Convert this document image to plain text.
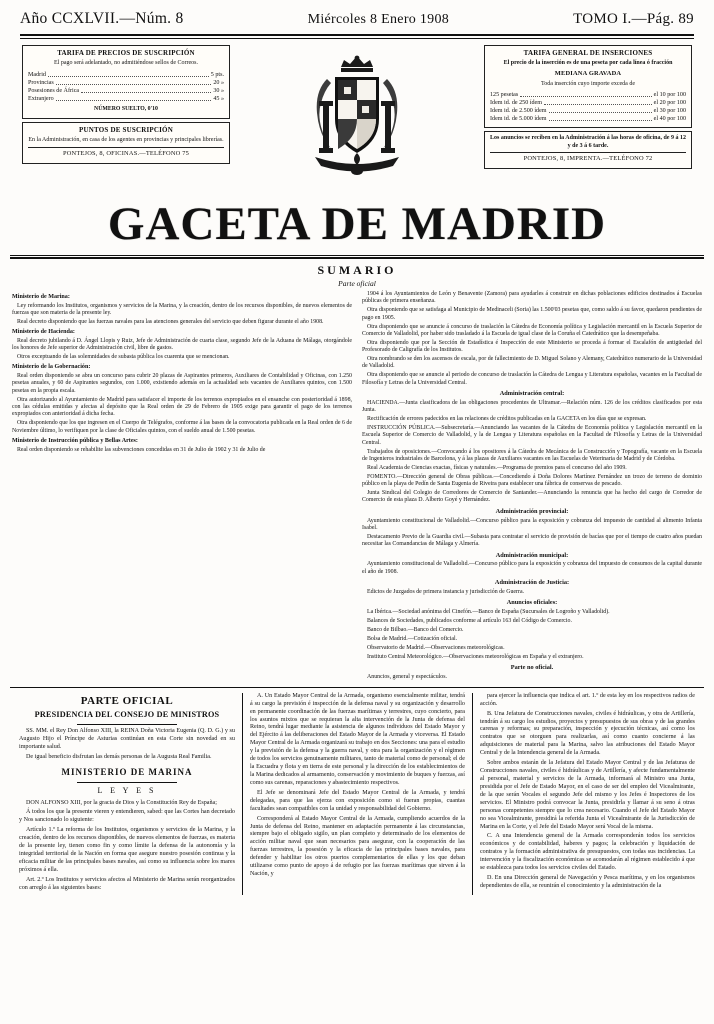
Año CCXLVII.—Núm. 8	Miércoles 8 Enero 1908	TOMO I.—Pág. 89
TARIFA DE PRECIOS DE SUSCRIPCIÓN
El pago será adelantado, no admitiéndose sellos de Correos.
Madrid	5 pts.
Provincias	20 »
Posesiones de África	30 »
Extranjero	45 »
NÚMERO SUELTO, 0'10
PUNTOS DE SUSCRIPCIÓN
En la Administración, en casa de los agentes en provincias y principales librerías.
PONTEJOS, 8, OFICINAS.—TELÉFONO 75
TARIFA GENERAL DE INSERCIONES
El precio de la inserción es de una peseta por cada línea ó fracción
MEDIANA GRAVADA
Toda inserción cuyo importe exceda de
125 pesetas	el 10 por 100
Idem id. de 250 ídem	el 20 por 100
Idem id. de 2.500 ídem	el 30 por 100
Idem id. de 5.000 ídem	el 40 por 100
Los anuncios se reciben en la Administración á las horas de oficina, de 9 á 12 y de 3 á 6 tarde.
PONTEJOS, 8, IMPRENTA.—TELÉFONO 72
GACETA DE MADRID
SUMARIO
Parte oficial
Ministerio de Marina:
Ley reformando los Institutos, organismos y servicios de la Marina, y la creación, dentro de los recursos disponibles, de nuevos elementos de fuerzas que son materia de la presente ley.
Real decreto disponiendo que las fuerzas navales para las atenciones generales del servicio que deben figurar durante el año 1908.
Ministerio de Hacienda:
Real decreto jubilando á D. Ángel Llopis y Ruiz, Jefe de Administración de cuarta clase, segundo Jefe de la Aduana de Málaga, otorgándole los honores de Jefe superior de Administración civil, libre de gastos.
Otros exceptuando de las solemnidades de subasta pública los cuarenta que se mencionan.
Ministerio de la Gobernación:
Real orden disponiendo se abra un concurso para cubrir 20 plazas de Aspirantes primeros, Auxiliares de Contabilidad y Oficinas, con 1.250 pesetas anuales, y 60 de Aspirantes segundos, con 1.000, existiendo además en la actualidad seis vacantes de Auxiliares quintos, con 1.500 pesetas en la propia escala.
Otra autorizando al Ayuntamiento de Madrid para satisfacer el importe de los terrenos expropiados en el ensanche con posterioridad á 1898, con las cédulas emitidas y afectas al depósito que la Real orden de 29 de Febrero de 1905 exige para garantir el pago de los terrenos expropiados con anterioridad á dicha fecha.
Otra disponiendo que los que ingresen en el Cuerpo de Telégrafos, conforme á las bases de la convocatoria publicada en la Real orden de 6 de Noviembre último, lo verifiquen por la clase de Oficiales quintos, con el sueldo anual de 1.500 pesetas.
Ministerio de Instrucción pública y Bellas Artes:
Real orden disponiendo se rehabilite las subvenciones concedidas en 31 de Julio de 1902 y 31 de Julio de
1904 á los Ayuntamientos de León y Benavente (Zamora) para ayudarles á construir en dichas poblaciones edificios destinados á Escuelas públicas de primera enseñanza.
Otra disponiendo que se satisfaga al Municipio de Medinaceli (Soria) las 1.500'03 pesetas que, como saldo á su favor, quedaron pendientes de pago en 1905.
Otra disponiendo que se anuncie á concurso de traslación la Cátedra de Economía política y Legislación mercantil en la Escuela Superior de Comercio de Valladolid, por haber sido trasladado á la Escuela de igual clase de la Coruña el Catedrático que la desempeñaba.
Otra disponiendo que por la Sección de Estadística é Inspección de este Ministerio se proceda á formar el Escalafón de antigüedad del Profesorado de Caligrafía de los Institutos.
Otra nombrando se den los ascensos de escala, por de fallecimiento de D. Miguel Solano y Alemany, Catedrático numerario de la Universidad de Valladolid.
Otra disponiendo que se anuncie al periodo de concurso de traslación la Cátedra de Lengua y Literatura españolas, vacantes en la Facultad de Filosofía y Letras de la Universidad Central.
Administración central:
HACIENDA.—Junta clasificadora de las obligaciones procedentes de Ultramar.—Relación núm. 126 de los créditos clasificados por esta Junta.
Rectificación de errores padecidos en las relaciones de créditos publicadas en la GACETA en los días que se expresan.
INSTRUCCIÓN PÚBLICA.—Subsecretaría.—Anunciando las vacantes de la Cátedra de Economía política y Legislación mercantil en la Escuela Superior de Comercio de Valladolid, y la de Lengua y Literatura españolas en la Facultad de Filosofía y Letras de la Universidad Central.
Trabajados de oposiciones.—Convocando á los opositores á la Cátedra de Mecánica de la Construcción y Topografía, vacante en la Escuela de Ingenieros industriales de Barcelona, y á las plazas de Auxiliares vacantes en las Escuelas de Veterinaria de Madrid y de Córdoba.
Real Academia de Ciencias exactas, físicas y naturales.—Programa de premios para el concurso del año 1909.
FOMENTO.—Dirección general de Obras públicas.—Concediendo á Doña Dolores Martínez Fernández un trozo de terreno de dominio público en la playa de Pedín de Santa Eugenia de Riveira para establecer una fábrica de conservas de pescado.
Junta Sindical del Colegio de Corredores de Comercio de Santander.—Anunciando la renuncia que ha hecho del cargo de Corredor de Comercio de esta plaza D. Alberto Goyé y Hernández.
Administración provincial:
Ayuntamiento constitucional de Valladolid.—Concurso público para la exposición y cobranza del impuesto de cantidad al alimento Infanta Isabel.
Destacamento Previo de la Guardia civil.—Subasta para contratar el servicio de provisión de bacías que por el tiempo de cuatro años puedan necesitar las Comandancias de Málaga y Almería.
Administración municipal:
Ayuntamiento constitucional de Valladolid.—Concurso público para la exposición y cobranza del impuesto de consumos de la capital durante el año de 1908.
Administración de Justicia:
Edictos de Juzgados de primera instancia y jurisdicción de Guerra.
Anuncios oficiales:
La Ibérica.—Sociedad anónima del Cinefón.—Banco de España (Sucursales de Logroño y Valladolid).
Balances de Sociedades, publicados conforme al artículo 163 del Código de Comercio.
Banco de Bilbao.—Banco del Comercio.
Bolsa de Madrid.—Cotización oficial.
Observatorio de Madrid.—Observaciones meteorológicas.
Instituto Central Meteorológico.—Observaciones meteorológicas en España y el extranjero.
Parte no oficial.
Anuncios, general y espectáculos.
PARTE OFICIAL
PRESIDENCIA DEL CONSEJO DE MINISTROS

SS. MM. el Rey Don Alfonso XIII, la REINA Doña Victoria Eugenia (Q. D. G.) y su Augusto Hijo el Príncipe de Asturias continúan en esta Corte sin novedad en su importante salud.

De igual beneficio disfrutan las demás personas de la Augusta Real Familia.

MINISTERIO DE MARINA
L E Y E S

DON ALFONSO XIII, por la gracia de Dios y la Constitución Rey de España;

Á todos los que la presente vieren y entendieren, sabed: que las Cortes han decretado y Nos sancionado lo siguiente:

Artículo 1.º La reforma de los Institutos, organismos y servicios de la Marina, y la creación, dentro de los recursos disponibles, de nuevos elementos de fuerzas, es materia de la presente ley, tienen como fin y como límite la defensa de la autonomía y la integridad territorial de la Nación en forma que asegure nuestro posesión continua y la eficacia militar de las principales bases navales, así como su influencia sobre los mares próximos á ella.

Art. 2.º Los Institutos y servicios afectos al Ministerio de Marina serán reorganizados con arreglo á las siguientes bases:

A. Un Estado Mayor Central de la Armada, organismo esencialmente militar, tendrá á su cargo la previsión é inspección de la defensa naval y su organización y desarrollo en permanente coordinación de las fuerzas marítimas y terrestres, cuyo concierto, para los asuntos mixtos que se requieran la alta intervención de la Junta de defensa del Reino, tendrá lugar mediante la asistencia de algunos individuos del Estado Mayor y del Ejército á las deliberaciones del Estado Mayor de la Armada y viceversa. El Estado Mayor Central de la Armada organizará su trabajo en dos Secciones: una para el estudio y la previsión de la defensa y la guerra naval, y otra para la organización y el régimen de todos los servicios genuinamente militares, tanto de material como de personal; el de la Escuadra y flota y en tierra de este personal y la dirección de los establecimientos de la Marina dedicados al armamento, conservación y movimiento de buques y fuerzas, así como sus carenas, reparaciones y abastecimiento respectivos.

El Jefe se denominará Jefe del Estado Mayor Central de la Armada, y tendrá delegadas, para que las ejerza con exposición como si fueran propias, cuantas facultades sean compatibles con la unidad y responsabilidad del Gobierno.

Corresponderá al Estado Mayor Central de la Armada, cumpliendo acuerdos de la Junta de defensa del Reino, mantener en adaptación permanente á las circunstancias, siempre bajo el obligado sigilo, un plan completo y determinado de los elementos de acción militar naval que sean necesarios para asegurar, con la cooperación de las fuerzas terrestres, la posesión y la eficacia de las principales bases navales, para defender y habilitar los otros puertos complementarios de ellas y los que deban utilizarse como punto de apoyo á de refugio por las fuerzas marítimas que sirven á la Nación, y

para ejercer la influencia que indica el art. 1.º de esta ley en los respectivos radios de acción.

B. Una Jefatura de Construcciones navales, civiles é hidráulicas, y otra de Artillería, tendrán á su cargo los estudios, proyectos y presupuestos de sus obras y de las grandes carenas y reformas; su preparación, inspección y ejecución técnicas, así como los contratos que se otorguen para realizarlas, así como cuanto concierne á las adquisiciones de material para la Marina, salvo las atribuciones del Estado Mayor Central y de la Intendencia general de la Armada.

Sobre ambos estarán de la Jefatura del Estado Mayor Central y de las Jefaturas de Construcciones navales, civiles é hidráulicas y de Artillería, y afecte fundamentalmente al personal, material y servicios de la Armada, informará al Ministro una Junta, presidida por el Jefe de Estado Mayor, en el caso de ser del empleo del Vicealmirante, de la que serán Vocales el segundo Jefe del mismo y los Jefes é Inspectores de los servicios. El Ministro podrá convocar la Junta, presidirla y llamar á su seno á otras personas competentes siempre que lo crea necesario. Cuando el Jefe del Estado Mayor no sea Vicealmirante, presidirá la referida Junta el Vicealmirante de la Jurisdicción de Marina en la Corte, y el Jefe del Estado Mayor será Vocal de la misma.

C. A una Intendencia general de la Armada corresponderán todos los servicios económicos y de contabilidad, haberes y pagos; la celebración y liquidación de contratos y la formación administrativa de presupuestos, con todas sus incidencias. La intervención y la fiscalización económicas se acomodarán al régimen establecido á que se establezca para todos los servicios civiles del Estado.

D. En una Dirección general de Navegación y Pesca marítima, y en los organismos dependientes de ella, se reunirán el conocimiento y la administración de la
